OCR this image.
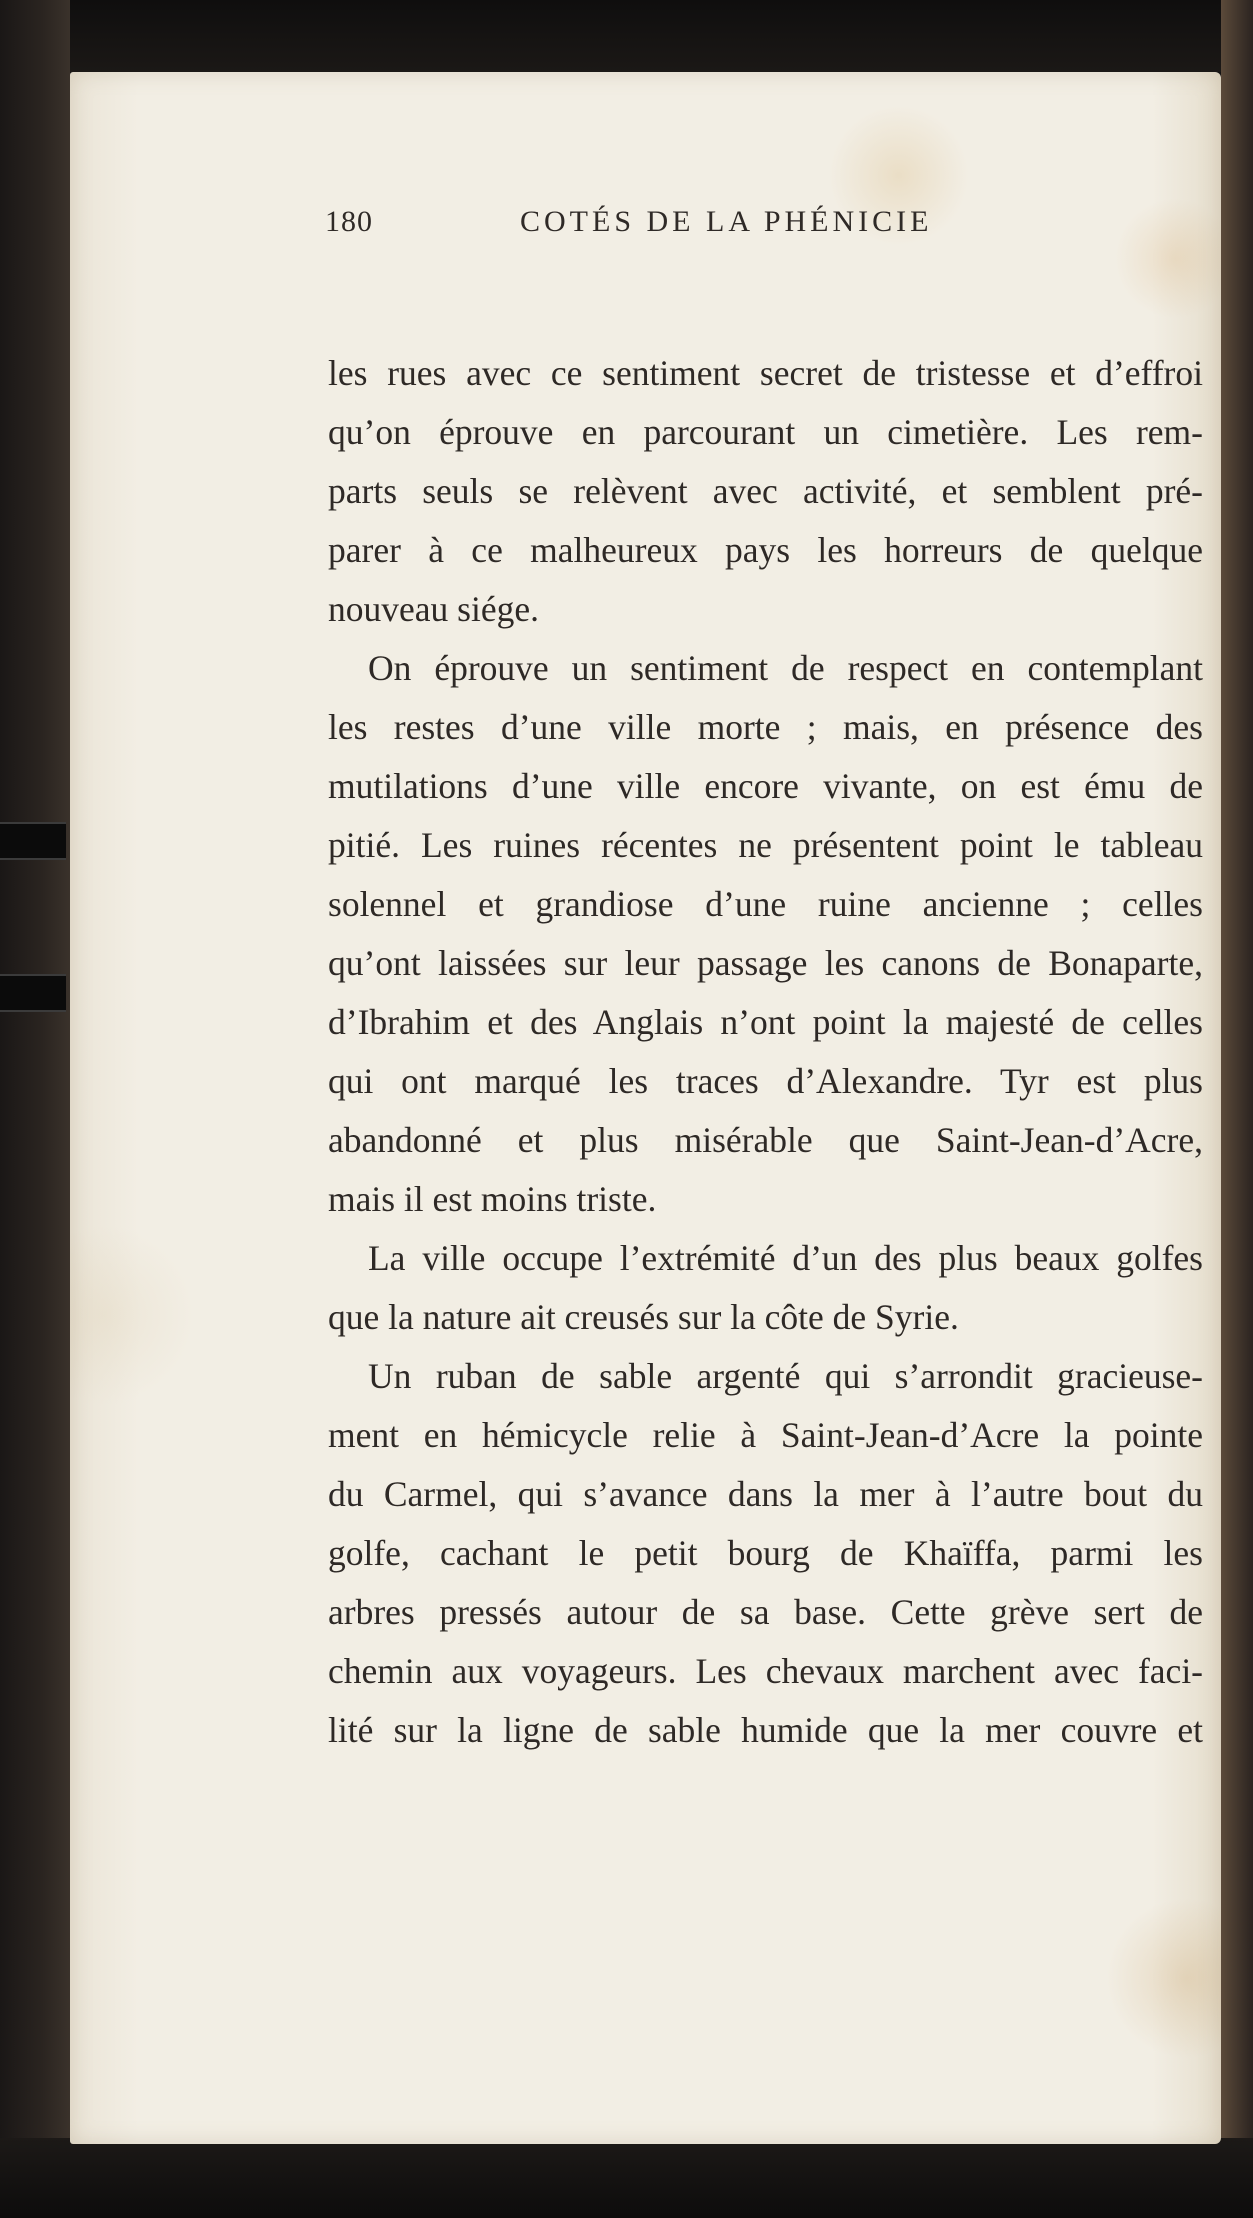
180	COTÉS DE LA PHÉNICIE
les rues avec ce sentiment secret de tristesse et d’effroi
qu’on éprouve en parcourant un cimetière. Les rem-
parts seuls se relèvent avec activité, et semblent pré-
parer à ce malheureux pays les horreurs de quelque
nouveau siége.
On éprouve un sentiment de respect en contemplant
les restes d’une ville morte ; mais, en présence des
mutilations d’une ville encore vivante, on est ému de
pitié. Les ruines récentes ne présentent point le tableau
solennel et grandiose d’une ruine ancienne ; celles
qu’ont laissées sur leur passage les canons de Bonaparte,
d’Ibrahim et des Anglais n’ont point la majesté de celles
qui ont marqué les traces d’Alexandre. Tyr est plus
abandonné et plus misérable que Saint-Jean-d’Acre,
mais il est moins triste.
La ville occupe l’extrémité d’un des plus beaux golfes
que la nature ait creusés sur la côte de Syrie.
Un ruban de sable argenté qui s’arrondit gracieuse-
ment en hémicycle relie à Saint-Jean-d’Acre la pointe
du Carmel, qui s’avance dans la mer à l’autre bout du
golfe, cachant le petit bourg de Khaïffa, parmi les
arbres pressés autour de sa base. Cette grève sert de
chemin aux voyageurs. Les chevaux marchent avec faci-
lité sur la ligne de sable humide que la mer couvre et
